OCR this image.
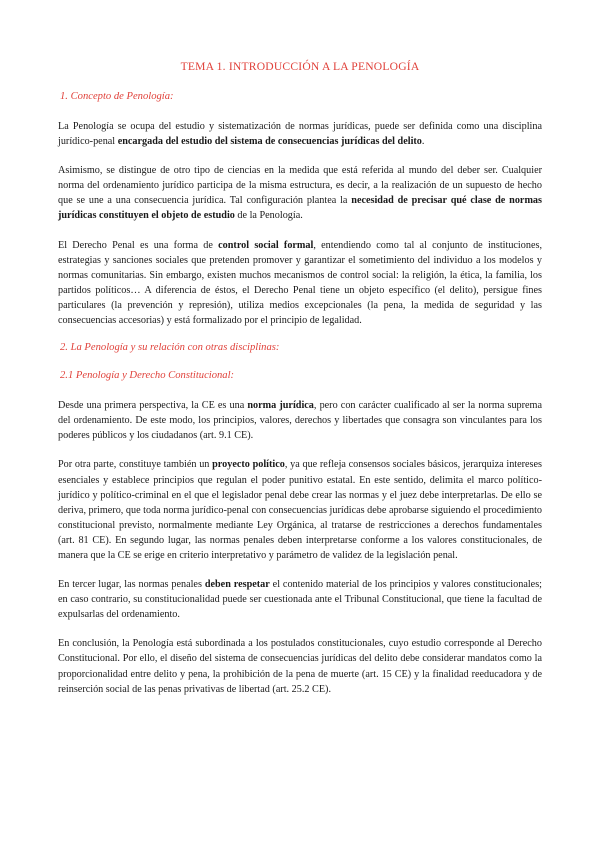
TEMA 1. INTRODUCCIÓN A LA PENOLOGÍA
1. Concepto de Penología:

La Penología se ocupa del estudio y sistematización de normas jurídicas, puede ser definida como una disciplina jurídico-penal encargada del estudio del sistema de consecuencias jurídicas del delito.

Asimismo, se distingue de otro tipo de ciencias en la medida que está referida al mundo del deber ser. Cualquier norma del ordenamiento jurídico participa de la misma estructura, es decir, a la realización de un supuesto de hecho que se une a una consecuencia jurídica. Tal configuración plantea la necesidad de precisar qué clase de normas jurídicas constituyen el objeto de estudio de la Penología.

El Derecho Penal es una forma de control social formal, entendiendo como tal al conjunto de instituciones, estrategias y sanciones sociales que pretenden promover y garantizar el sometimiento del individuo a los modelos y normas comunitarias. Sin embargo, existen muchos mecanismos de control social: la religión, la ética, la familia, los partidos políticos… A diferencia de éstos, el Derecho Penal tiene un objeto específico (el delito), persigue fines particulares (la prevención y represión), utiliza medios excepcionales (la pena, la medida de seguridad y las consecuencias accesorias) y está formalizado por el principio de legalidad.

2. La Penología y su relación con otras disciplinas:
2.1 Penología y Derecho Constitucional:

Desde una primera perspectiva, la CE es una norma jurídica, pero con carácter cualificado al ser la norma suprema del ordenamiento. De este modo, los principios, valores, derechos y libertades que consagra son vinculantes para los poderes públicos y los ciudadanos (art. 9.1 CE).

Por otra parte, constituye también un proyecto político, ya que refleja consensos sociales básicos, jerarquiza intereses esenciales y establece principios que regulan el poder punitivo estatal. En este sentido, delimita el marco político-jurídico y político-criminal en el que el legislador penal debe crear las normas y el juez debe interpretarlas. De ello se deriva, primero, que toda norma jurídico-penal con consecuencias jurídicas debe aprobarse siguiendo el procedimiento constitucional previsto, normalmente mediante Ley Orgánica, al tratarse de restricciones a derechos fundamentales (art. 81 CE). En segundo lugar, las normas penales deben interpretarse conforme a los valores constitucionales, de manera que la CE se erige en criterio interpretativo y parámetro de validez de la legislación penal.

En tercer lugar, las normas penales deben respetar el contenido material de los principios y valores constitucionales; en caso contrario, su constitucionalidad puede ser cuestionada ante el Tribunal Constitucional, que tiene la facultad de expulsarlas del ordenamiento.

En conclusión, la Penología está subordinada a los postulados constitucionales, cuyo estudio corresponde al Derecho Constitucional. Por ello, el diseño del sistema de consecuencias jurídicas del delito debe considerar mandatos como la proporcionalidad entre delito y pena, la prohibición de la pena de muerte (art. 15 CE) y la finalidad reeducadora y de reinserción social de las penas privativas de libertad (art. 25.2 CE).
